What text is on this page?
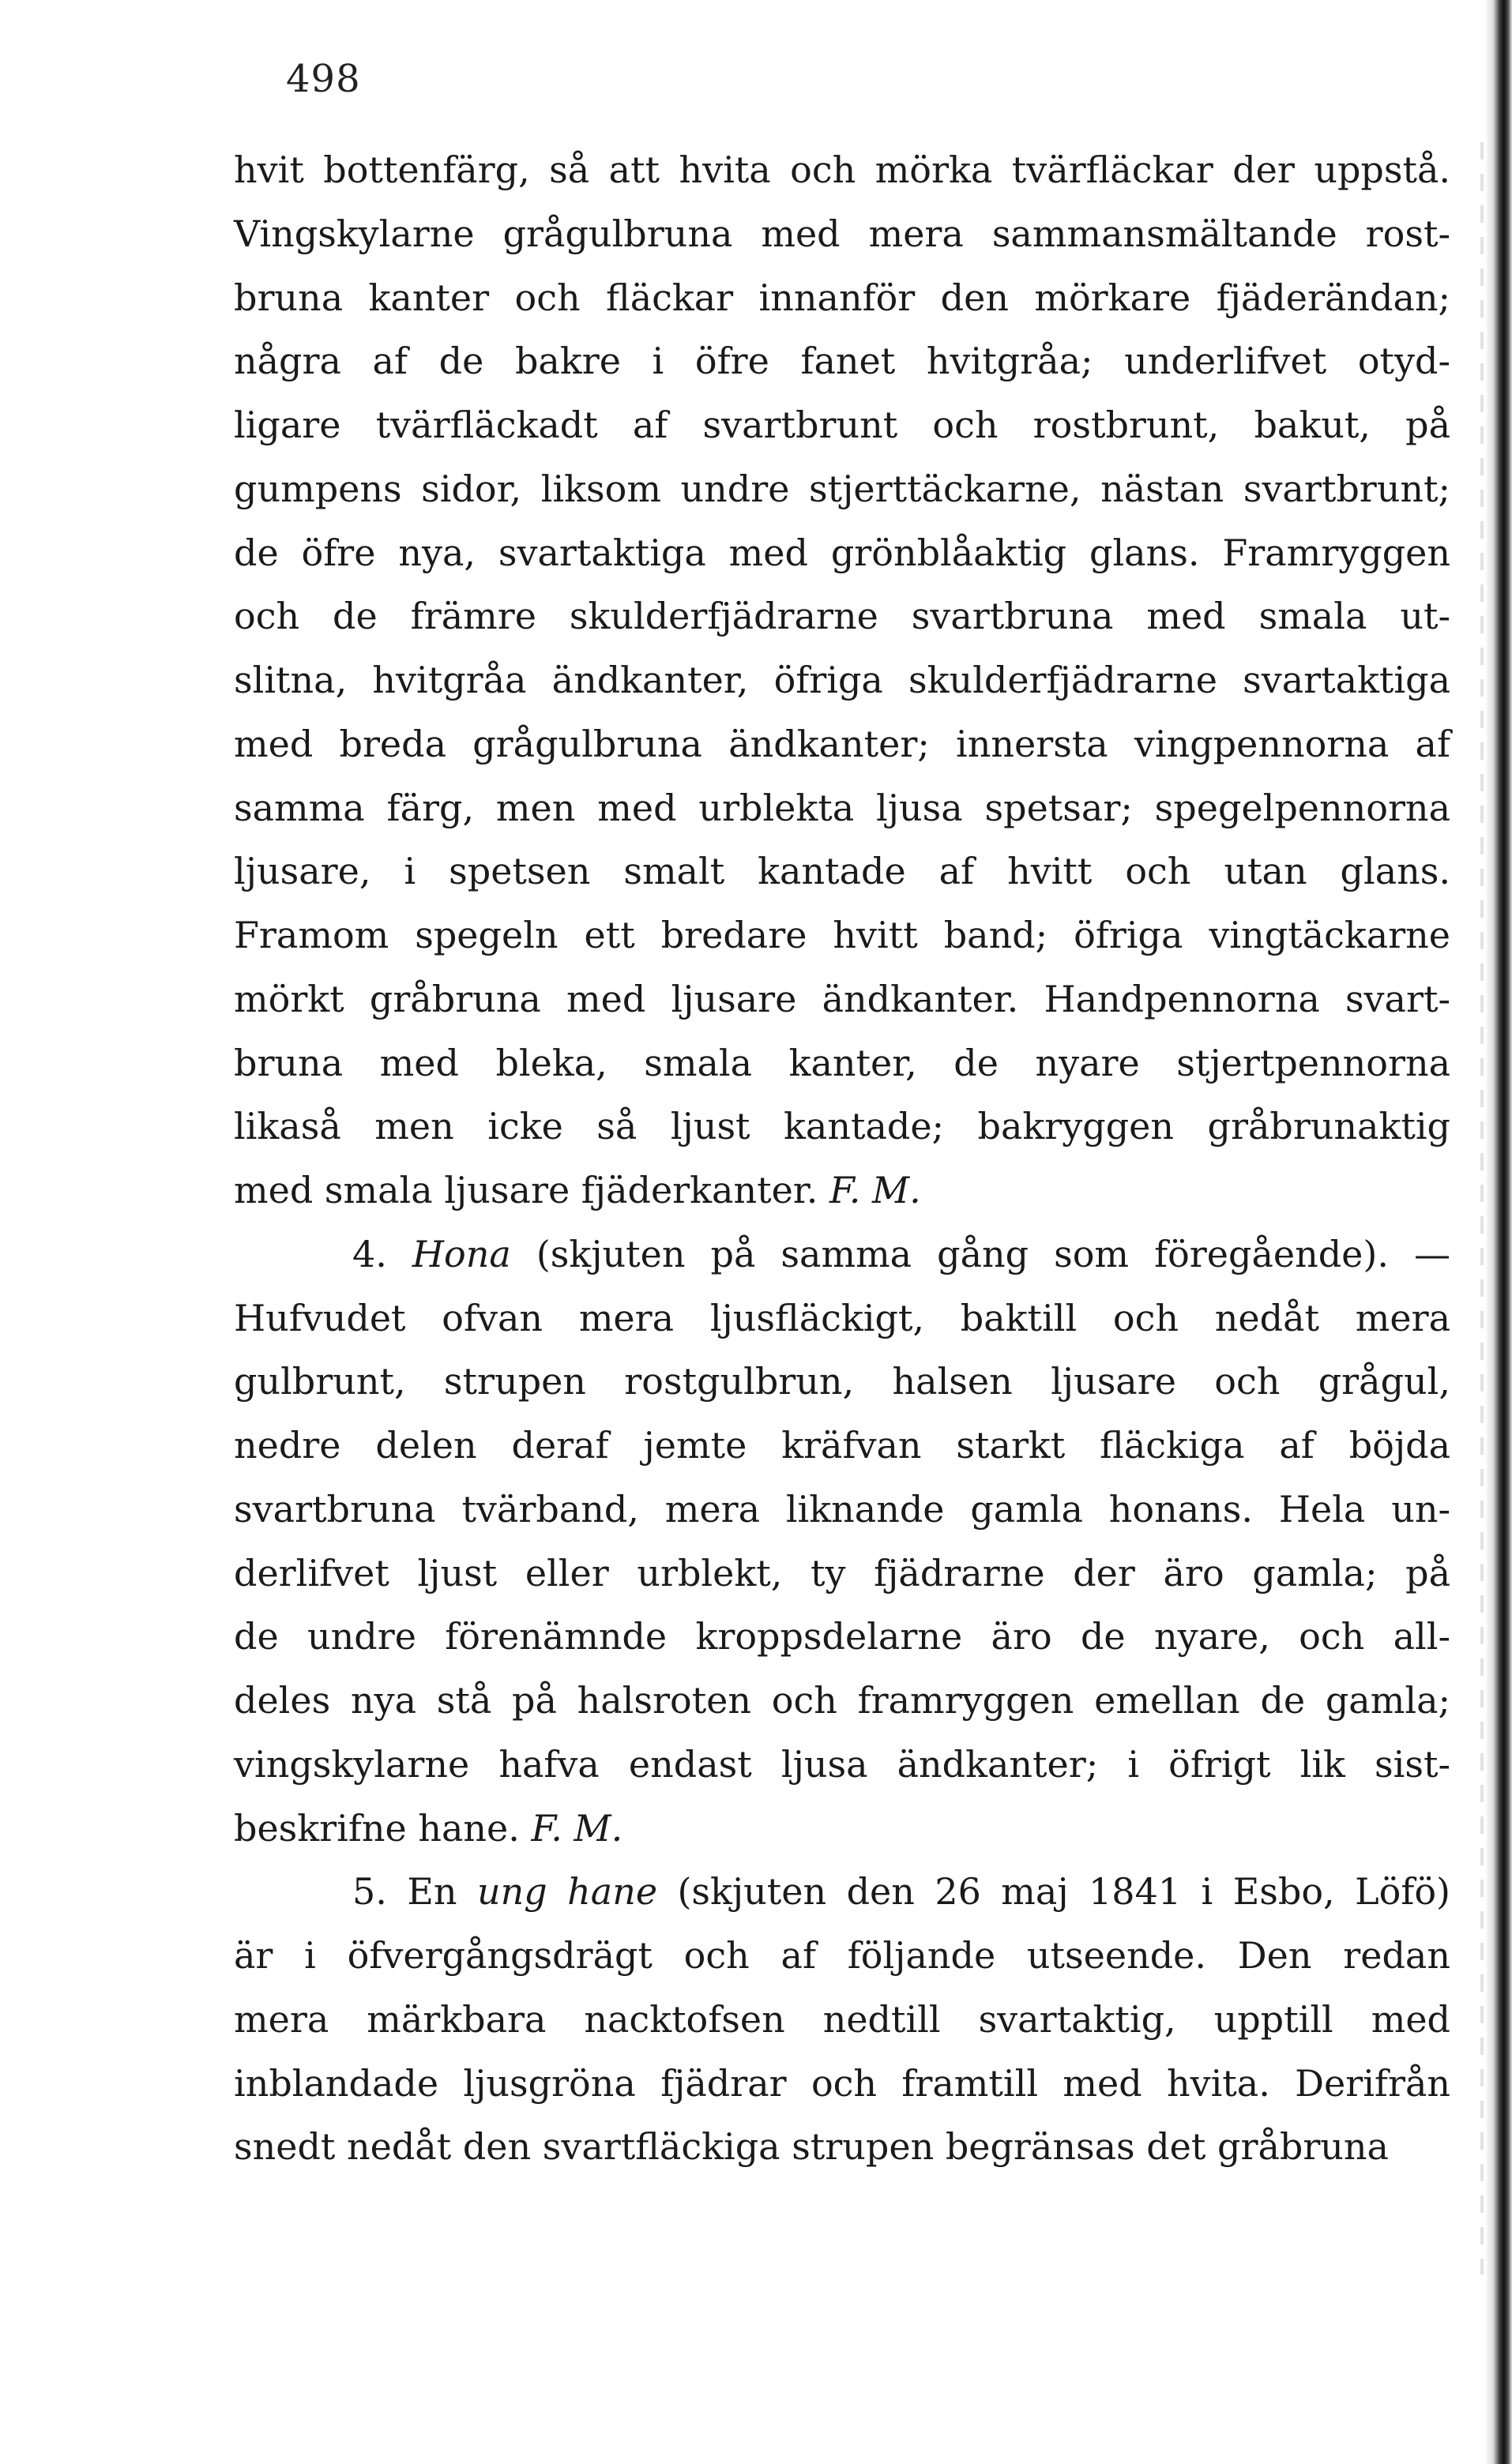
498
hvit bottenfärg, så att hvita och mörka tvärfläckar der uppstå.
Vingskylarne grågulbruna med mera sammansmältande rost-
bruna kanter och fläckar innanför den mörkare fjäderändan;
några af de bakre i öfre fanet hvitgråa; underlifvet otyd-
ligare tvärfläckadt af svartbrunt och rostbrunt, bakut, på
gumpens sidor, liksom undre stjerttäckarne, nästan svartbrunt;
de öfre nya, svartaktiga med grönblåaktig glans. Framryggen
och de främre skulderfjädrarne svartbruna med smala ut-
slitna, hvitgråa ändkanter, öfriga skulderfjädrarne svartaktiga
med breda grågulbruna ändkanter; innersta vingpennorna af
samma färg, men med urblekta ljusa spetsar; spegelpennorna
ljusare, i spetsen smalt kantade af hvitt och utan glans.
Framom spegeln ett bredare hvitt band; öfriga vingtäckarne
mörkt gråbruna med ljusare ändkanter. Handpennorna svart-
bruna med bleka, smala kanter, de nyare stjertpennorna
likaså men icke så ljust kantade; bakryggen gråbrunaktig
med smala ljusare fjäderkanter. F. M.
4. Hona (skjuten på samma gång som föregående). —
Hufvudet ofvan mera ljusfläckigt, baktill och nedåt mera
gulbrunt, strupen rostgulbrun, halsen ljusare och grågul,
nedre delen deraf jemte kräfvan starkt fläckiga af böjda
svartbruna tvärband, mera liknande gamla honans. Hela un-
derlifvet ljust eller urblekt, ty fjädrarne der äro gamla; på
de undre förenämnde kroppsdelarne äro de nyare, och all-
deles nya stå på halsroten och framryggen emellan de gamla;
vingskylarne hafva endast ljusa ändkanter; i öfrigt lik sist-
beskrifne hane. F. M.
5. En ung hane (skjuten den 26 maj 1841 i Esbo, Löfö)
är i öfvergångsdrägt och af följande utseende. Den redan
mera märkbara nacktofsen nedtill svartaktig, upptill med
inblandade ljusgröna fjädrar och framtill med hvita. Derifrån
snedt nedåt den svartfläckiga strupen begränsas det gråbruna
